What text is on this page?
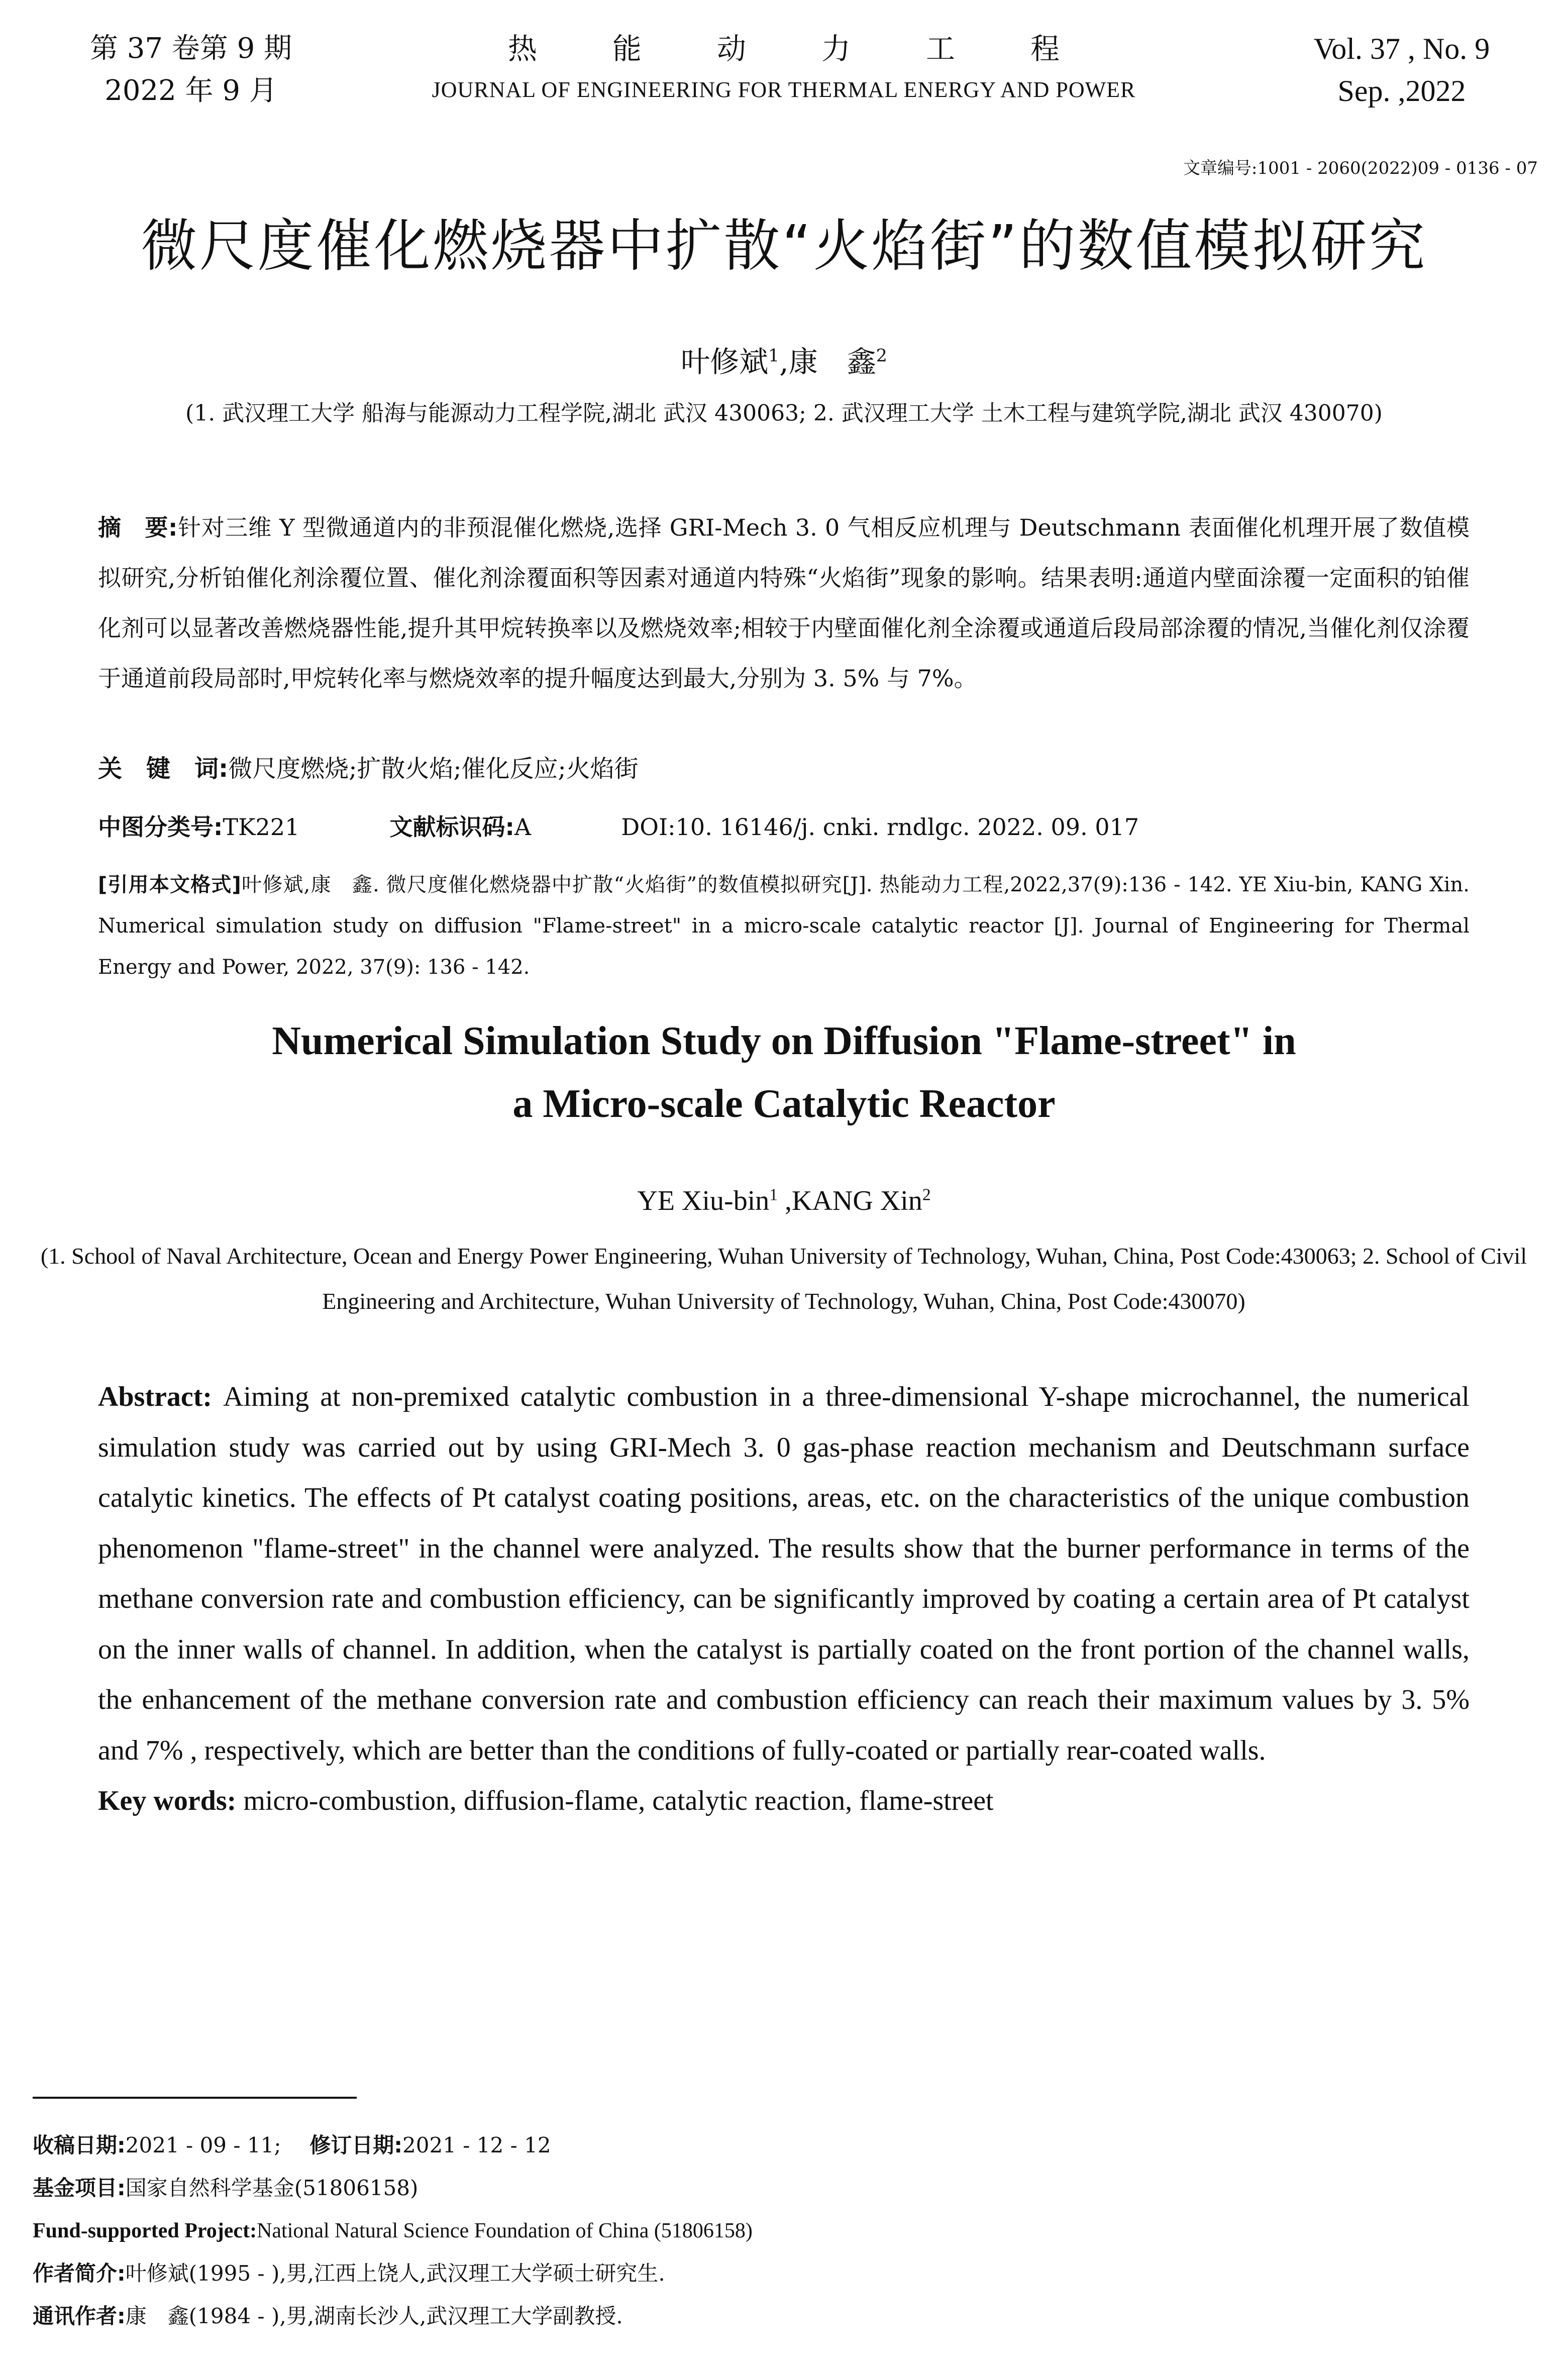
第 37 卷第 9 期
2022 年 9 月
热能动力工程
JOURNAL OF ENGINEERING FOR THERMAL ENERGY AND POWER
Vol. 37 , No. 9
Sep. ,2022
文章编号:1001 - 2060(2022)09 - 0136 - 07
微尺度催化燃烧器中扩散“火焰街”的数值模拟研究
叶修斌$^1$,康　鑫$^2$
(1. 武汉理工大学 船海与能源动力工程学院,湖北 武汉 430063; 2. 武汉理工大学 土木工程与建筑学院,湖北 武汉 430070)
摘　要:针对三维 Y 型微通道内的非预混催化燃烧,选择 GRI-Mech 3. 0 气相反应机理与 Deutschmann 表面催化机理开展了数值模拟研究,分析铂催化剂涂覆位置、催化剂涂覆面积等因素对通道内特殊“火焰街”现象的影响。结果表明:通道内壁面涂覆一定面积的铂催化剂可以显著改善燃烧器性能,提升其甲烷转换率以及燃烧效率;相较于内壁面催化剂全涂覆或通道后段局部涂覆的情况,当催化剂仅涂覆于通道前段局部时,甲烷转化率与燃烧效率的提升幅度达到最大,分别为 3. 5% 与 7%。
关　键　词:微尺度燃烧;扩散火焰;催化反应;火焰街
中图分类号:TK221	文献标识码:A	DOI:10. 16146/j. cnki. rndlgc. 2022. 09. 017
[引用本文格式]叶修斌,康　鑫. 微尺度催化燃烧器中扩散“火焰街”的数值模拟研究[J]. 热能动力工程,2022,37(9):136 - 142. YE Xiu-bin, KANG Xin. Numerical simulation study on diffusion "Flame-street" in a micro-scale catalytic reactor [J]. Journal of Engineering for Thermal Energy and Power, 2022, 37(9): 136 - 142.
Numerical Simulation Study on Diffusion "Flame-street" in
a Micro-scale Catalytic Reactor
YE Xiu-bin$^1$ ,KANG Xin$^2$
(1. School of Naval Architecture, Ocean and Energy Power Engineering, Wuhan University of Technology, Wuhan, China, Post Code:430063; 2. School of Civil Engineering and Architecture, Wuhan University of Technology, Wuhan, China, Post Code:430070)
Abstract: Aiming at non-premixed catalytic combustion in a three-dimensional Y-shape microchannel, the numerical simulation study was carried out by using GRI-Mech 3. 0 gas-phase reaction mechanism and Deutschmann surface catalytic kinetics. The effects of Pt catalyst coating positions, areas, etc. on the characteristics of the unique combustion phenomenon "flame-street" in the channel were analyzed. The results show that the burner performance in terms of the methane conversion rate and combustion efficiency, can be significantly improved by coating a certain area of Pt catalyst on the inner walls of channel. In addition, when the catalyst is partially coated on the front portion of the channel walls, the enhancement of the methane conversion rate and combustion efficiency can reach their maximum values by 3. 5% and 7% , respectively, which are better than the conditions of fully-coated or partially rear-coated walls.
Key words: micro-combustion, diffusion-flame, catalytic reaction, flame-street
收稿日期:2021 - 09 - 11; 修订日期:2021 - 12 - 12
基金项目:国家自然科学基金(51806158)
Fund-supported Project:National Natural Science Foundation of China (51806158)
作者简介:叶修斌(1995 - ),男,江西上饶人,武汉理工大学硕士研究生.
通讯作者:康　鑫(1984 - ),男,湖南长沙人,武汉理工大学副教授.
